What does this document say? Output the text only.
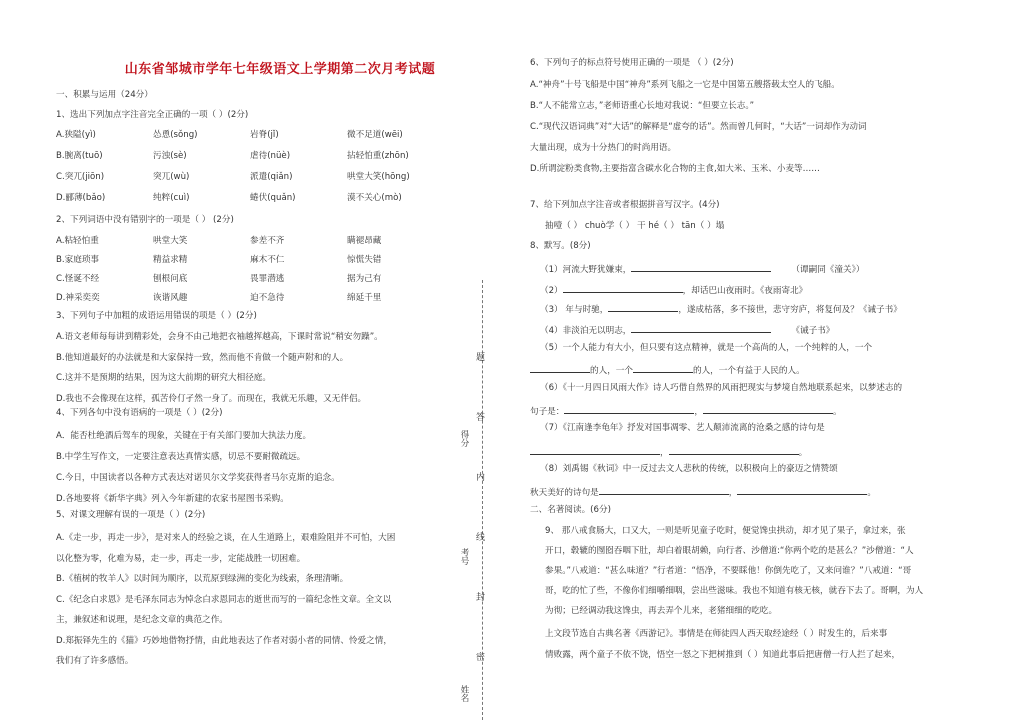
山东省邹城市学年七年级语文上学期第二次月考试题
一、积累与运用（24分）
1、选出下列加点字注音完全正确的一项（ ）(2分)
A.狭隘(yì)	怂恿(sǒng)	岩脊(jǐ)	微不足道(wēi)
B.腕离(tuō)	污浊(sè)	虐待(nüè)	拈轻怕重(zhōn)
C.突兀(jiōn)	突兀(wù)	派遣(qiǎn)	哄堂大笑(hōng)
D.郦薄(bǎo)	纯粹(cuì)	蜷伏(quǎn)	漠不关心(mò)
2、下列词语中没有错别字的一项是（ ） (2分)
A.粘轻怕重	哄堂大笑	参差不齐	瞒褪昂藏
B.家庭琐事	精益求精	麻木不仁	惊慌失错
C.怪诞不经	刨根问底	畏罪潜逃	据为己有
D.神采奕奕	诙谐风趣	迫不急待	绵延千里
3、下列句子中加粗的成语运用错误的项是（ ）(2分)
A.语文老师每每讲到精彩处，会身不由己地把衣袖越挥越高，下课时常说“稍安勿躁”。
B.他知道最好的办法就是和大家保持一致，然而他不肯做一个随声附和的人。
C.这并不是预期的结果，因为这大前期的研究大相径庭。
D.我也不会像现在这样，孤苦伶仃孑然一身了。而现在，我就无乐趣，又无伴侣。
4、下列各句中没有语病的一项是（ ）(2分)
A．能否杜绝酒后驾车的现象，关键在于有关部门要加大执法力度。
B.中学生写作文，一定要注意表达真情实感，切忌不要耐微疏远。
C.今日，中国读者以各种方式表达对诺贝尔文学奖获得者马尔克斯的追念。
D.各地要将《新华字典》列入今年新建的农家书屋图书采购。
5、对课文理解有误的一项是（ ）(2分)
A.《走一步，再走一步》，是对来人的经验之谈，在人生道路上，艰难险阻并不可怕，大困
以化整为零，化难为易，走一步，再走一步，定能战胜一切困难。
B.《植树的牧羊人》以时间为顺序，以荒原到绿洲的变化为线索，条理清晰。
C.《纪念白求恩》是毛泽东同志为悼念白求恩同志的逝世而写的一篇纪念性文章。全文以
主，兼叙述和说理，是纪念文章的典范之作。
D.郑振铎先生的《猫》巧妙地借物抒情，由此地表达了作者对弱小者的同情、怜爱之情，
我们有了许多感悟。
题
答
内
线
封
密
得分
考号
姓名
6、下列句子的标点符号使用正确的一项是 （ ）(2分)
A.“神舟”十号飞船是中国“神舟”系列飞船之一它是中国第五艘搭载太空人的飞船。
B.“人不能常立志，”老师语重心长地对我说：“但要立长志。”
C.“现代汉语词典”对“大话”的解释是“虚夸的话”。然而曾几何时，“大话”一词却作为动词
大量出现，成为十分热门的时尚用语。
D.所谓淀粉类食物,主要指富含碳水化合物的主食,如大米、玉米、小麦等……
7、给下列加点字注音或者根据拼音写汉字。(4分)
抽噎（ ） chuò学（ ） 干 hé（ ） tān（ ）塌
8、默写。(8分)
（1）河流大野犹嫌束，	（谭嗣同《潼关》）
（2）	，却话巴山夜雨时。《夜雨寄北》
（3） 年与时驰，	，遂成枯落，多不接世，悲守穷庐，将复何及？《诫子书》
（4）非淡泊无以明志，	《诫子书》
（5）一个人能力有大小，但只要有这点精神，就是一个高尚的人，一个纯粹的人，一个
的人，一个	的人，一个有益于人民的人。
（6）《十一月四日风雨大作》诗人巧借自然界的风雨把现实与梦境自然地联系起来，以梦述志的
句子是：	，	。
（7）《江南逢李龟年》抒发对国事凋零、艺人颠沛流离的沧桑之感的诗句是
，	。
（8）刘禹锡《秋词》中一反过去文人悲秋的传统，以积极向上的豪迈之情赞颂
秋天美好的诗句是	，	。
二、名著阅读。(6分)
9、 那八戒食肠大，口又大，一则是听见童子吃时，便觉馋虫拱动，却才见了果子，拿过来，张
开口，毂辘的囫囵吞咽下肚，却白着眼胡赖，向行者、沙僧道:“你两个吃的是甚么？”沙僧道：“人
参果。”八戒道：“甚么味道？”行者道：“悟净，不要睬他！你倒先吃了，又来问谁？”八戒道：“哥
哥，吃的忙了些，不像你们细嚼细咽，尝出些滋味。我也不知道有核无核，就吞下去了。哥啊，为人
为彻；已经调动我这馋虫，再去弄个儿来，老猪细细的吃吃。
上文段节选自古典名著《西游记》。事情是在师徒四人西天取经途经（ ）时发生的，后来事
情败露，两个童子不依不饶，悟空一怒之下把树推到（ ）知道此事后把唐僧一行人拦了起来，
